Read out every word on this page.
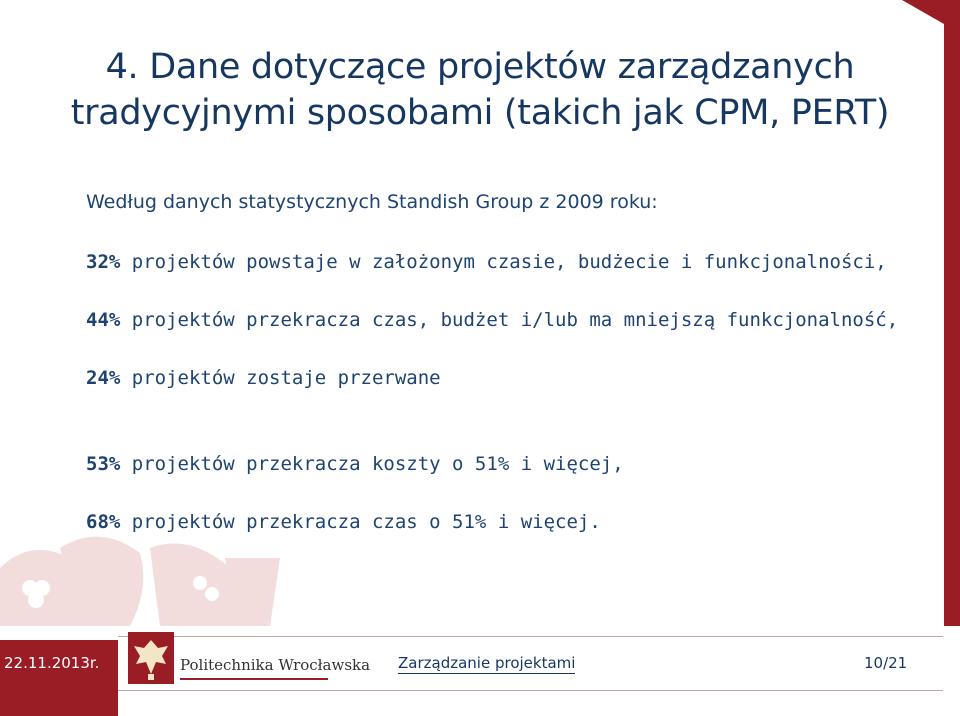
4. Dane dotyczące projektów zarządzanych
tradycyjnymi sposobami (takich jak CPM, PERT)
Według danych statystycznych Standish Group z 2009 roku:
32% projektów powstaje w założonym czasie, budżecie i funkcjonalności,
44% projektów przekracza czas, budżet i/lub ma mniejszą funkcjonalność,
24% projektów zostaje przerwane
53% projektów przekracza koszty o 51% i więcej,
68% projektów przekracza czas o 51% i więcej.
22.11.2013r.	Politechnika Wrocławska Zarządzanie projektami	10/21
